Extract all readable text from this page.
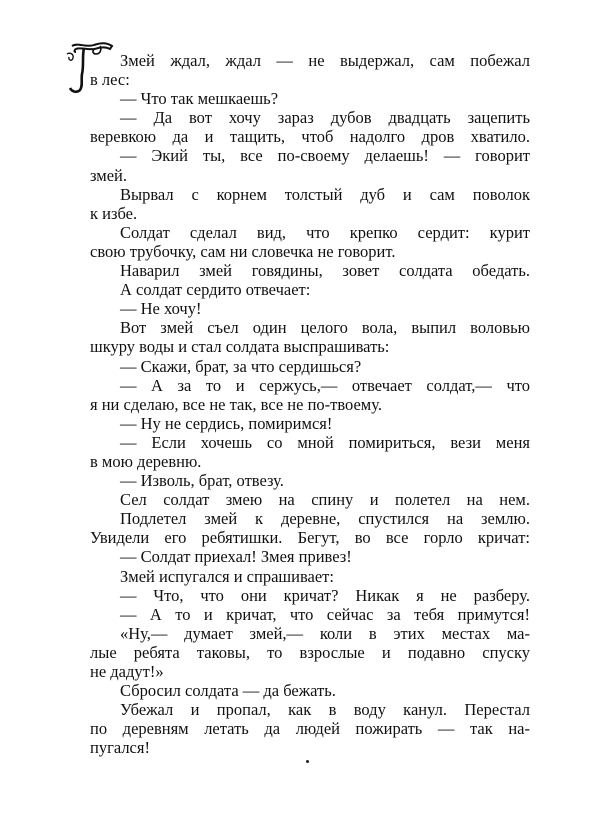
Змей ждал, ждал — не выдержал, сам побежал
в лес:
— Что так мешкаешь?
— Да вот хочу зараз дубов двадцать зацепить
веревкою да и тащить, чтоб надолго дров хватило.
— Экий ты, все по-своему делаешь! — говорит
змей.
Вырвал с корнем толстый дуб и сам поволок
к избе.
Солдат сделал вид, что крепко сердит: курит
свою трубочку, сам ни словечка не говорит.
Наварил змей говядины, зовет солдата обедать.
А солдат сердито отвечает:
— Не хочу!
Вот змей съел один целого вола, выпил воловью
шкуру воды и стал солдата выспрашивать:
— Скажи, брат, за что сердишься?
— А за то и сержусь,— отвечает солдат,— что
я ни сделаю, все не так, все не по-твоему.
— Ну не сердись, помиримся!
— Если хочешь со мной помириться, вези меня
в мою деревню.
— Изволь, брат, отвезу.
Сел солдат змею на спину и полетел на нем.
Подлетел змей к деревне, спустился на землю.
Увидели его ребятишки. Бегут, во все горло кричат:
— Солдат приехал! Змея привез!
Змей испугался и спрашивает:
— Что, что они кричат? Никак я не разберу.
— А то и кричат, что сейчас за тебя примутся!
«Ну,— думает змей,— коли в этих местах ма-
лые ребята таковы, то взрослые и подавно спуску
не дадут!»
Сбросил солдата — да бежать.
Убежал и пропал, как в воду канул. Перестал
по деревням летать да людей пожирать — так на-
пугался!
